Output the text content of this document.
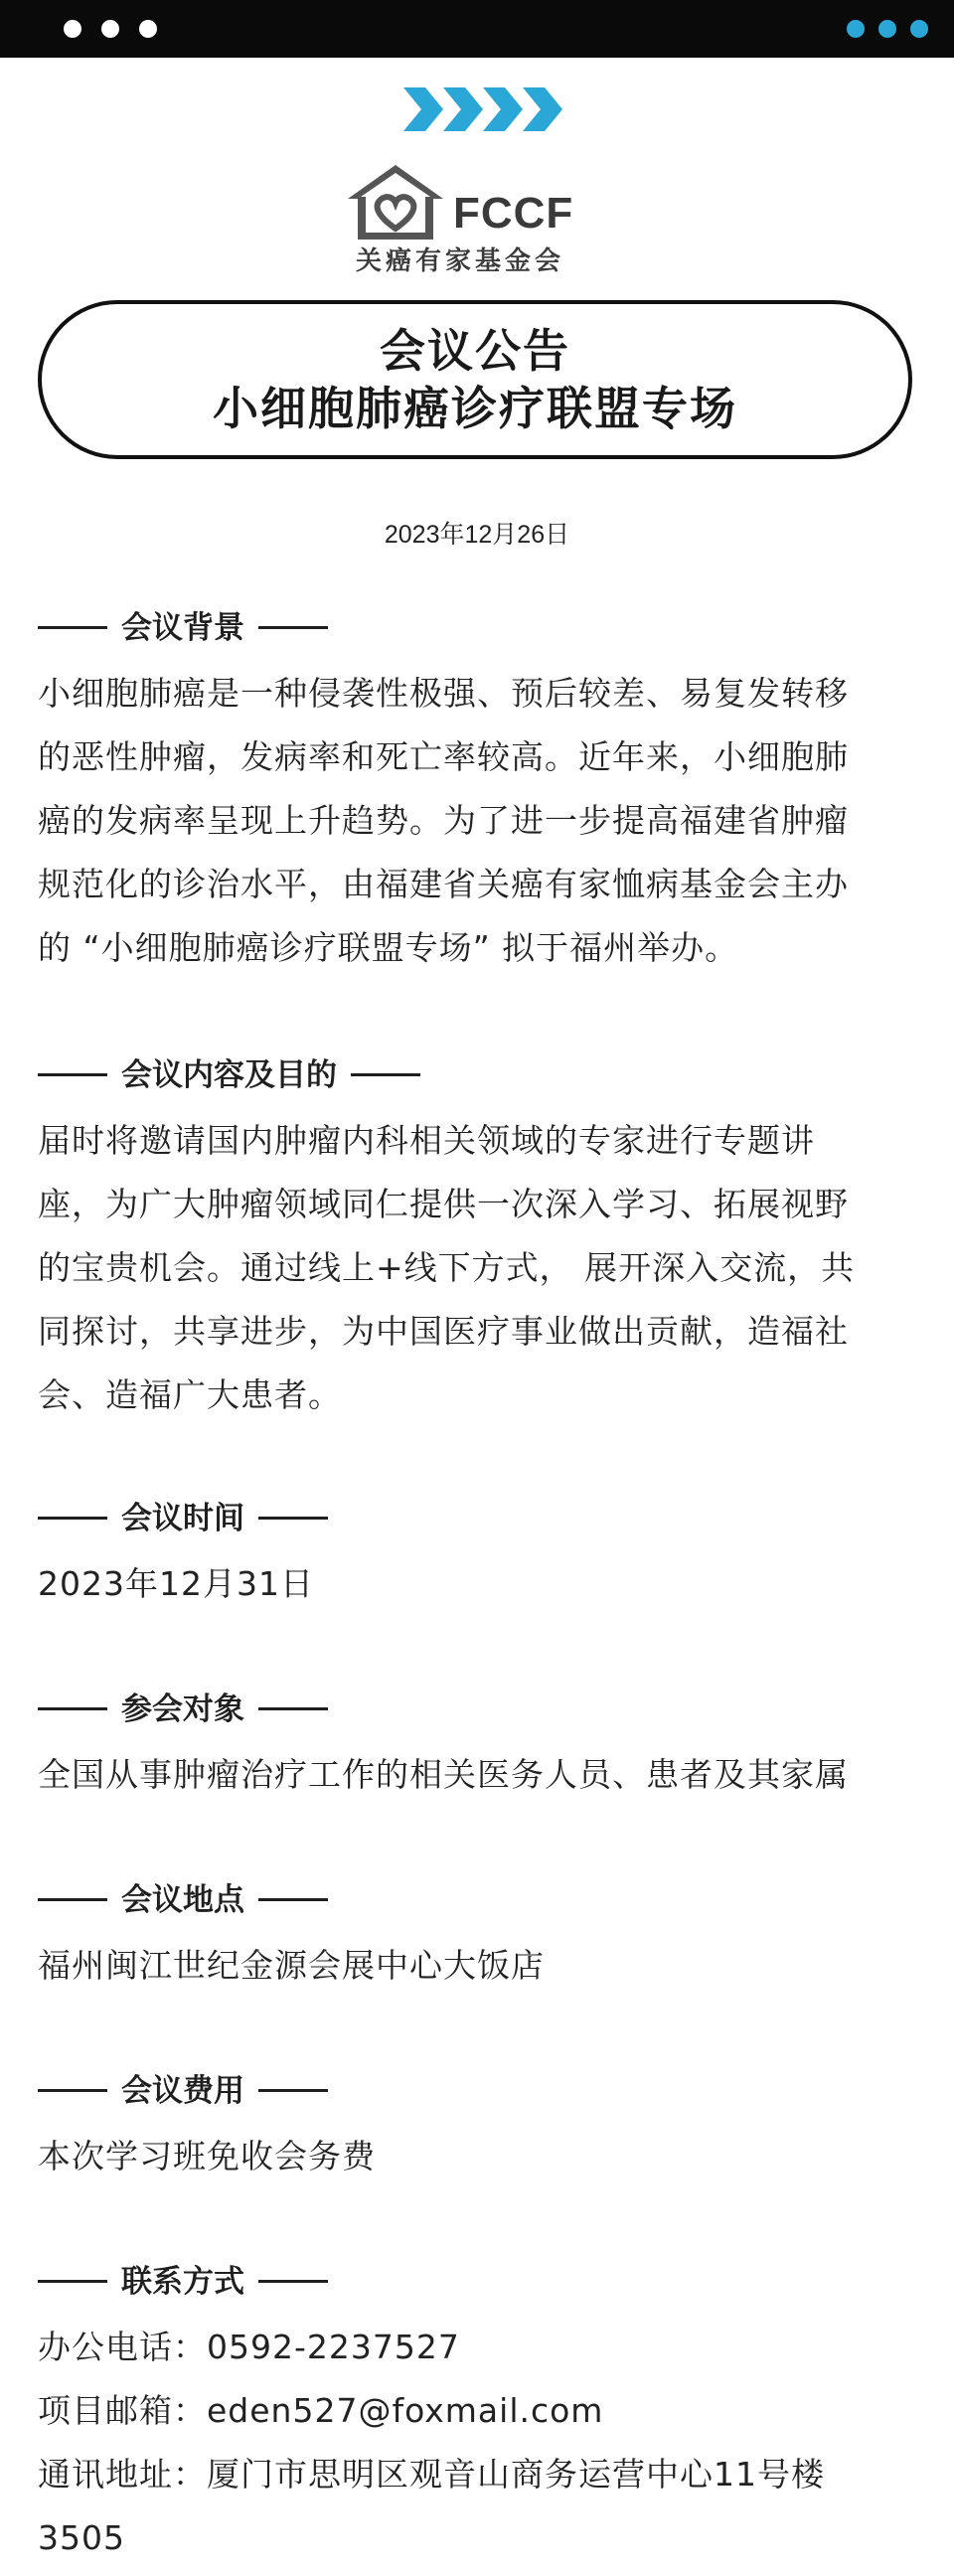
FCCF
关癌有家基金会
会议公告
小细胞肺癌诊疗联盟专场
2023年12月26日
会议背景
小细胞肺癌是一种侵袭性极强、预后较差、易复发转移
的恶性肿瘤，发病率和死亡率较高。近年来，小细胞肺
癌的发病率呈现上升趋势。为了进一步提高福建省肿瘤
规范化的诊治水平，由福建省关癌有家恤病基金会主办
的 “小细胞肺癌诊疗联盟专场” 拟于福州举办。
会议内容及目的
届时将邀请国内肿瘤内科相关领域的专家进行专题讲
座，为广大肿瘤领域同仁提供一次深入学习、拓展视野
的宝贵机会。通过线上+线下方式， 展开深入交流，共
同探讨，共享进步，为中国医疗事业做出贡献，造福社
会、造福广大患者。
会议时间
2023年12月31日
参会对象
全国从事肿瘤治疗工作的相关医务人员、患者及其家属
会议地点
福州闽江世纪金源会展中心大饭店
会议费用
本次学习班免收会务费
联系方式
办公电话：0592-2237527
项目邮箱：eden527@foxmail.com
通讯地址：厦门市思明区观音山商务运营中心11号楼
3505
